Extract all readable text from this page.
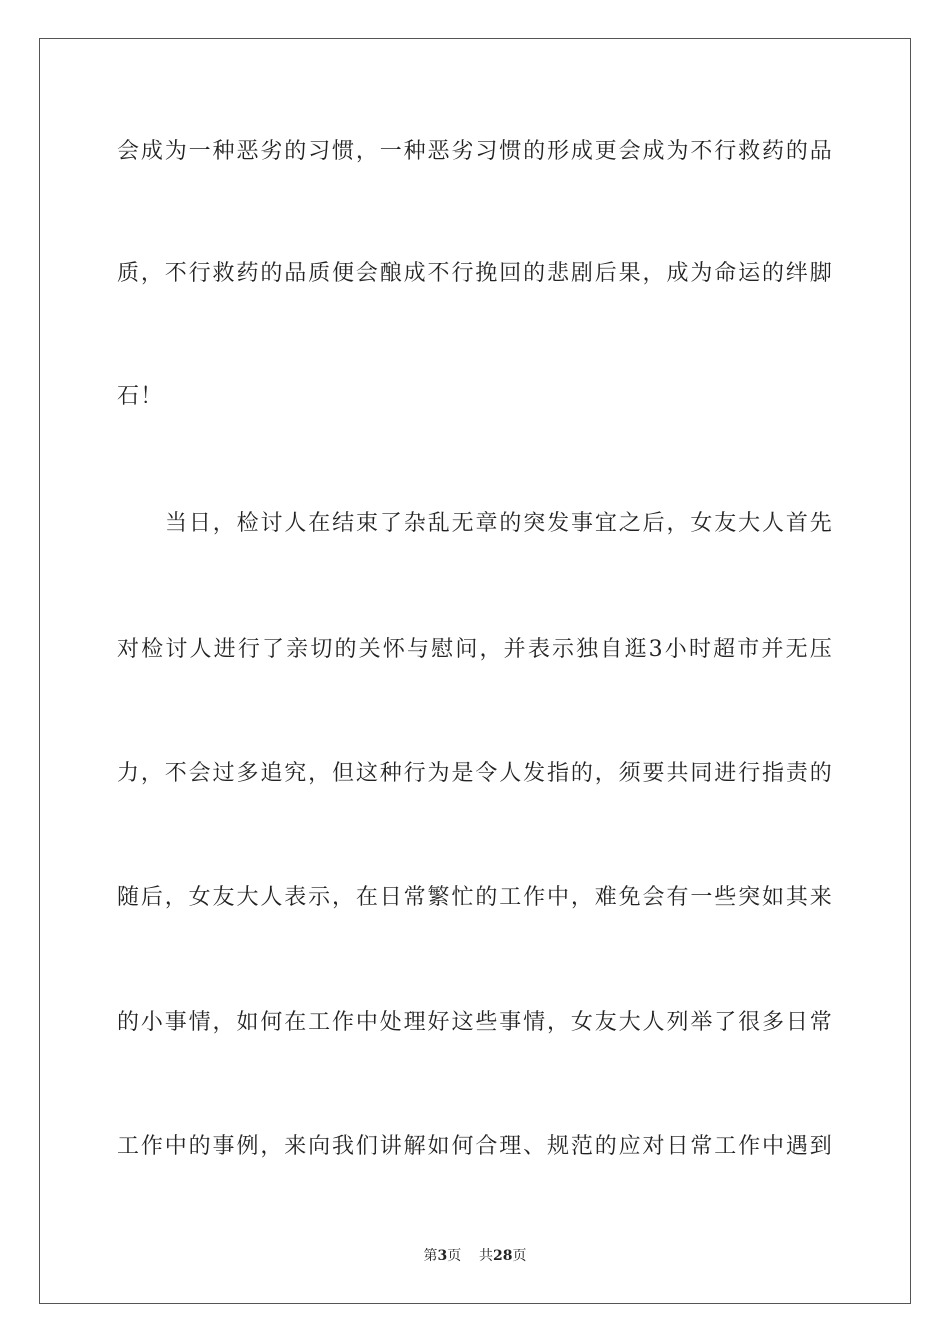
会成为一种恶劣的习惯，一种恶劣习惯的形成更会成为不行救药的品
质，不行救药的品质便会酿成不行挽回的悲剧后果，成为命运的绊脚
石！
当日，检讨人在结束了杂乱无章的突发事宜之后，女友大人首先
对检讨人进行了亲切的关怀与慰问，并表示独自逛3小时超市并无压
力，不会过多追究，但这种行为是令人发指的，须要共同进行指责的
随后，女友大人表示，在日常繁忙的工作中，难免会有一些突如其来
的小事情，如何在工作中处理好这些事情，女友大人列举了很多日常
工作中的事例，来向我们讲解如何合理、规范的应对日常工作中遇到
第3页 共28页
